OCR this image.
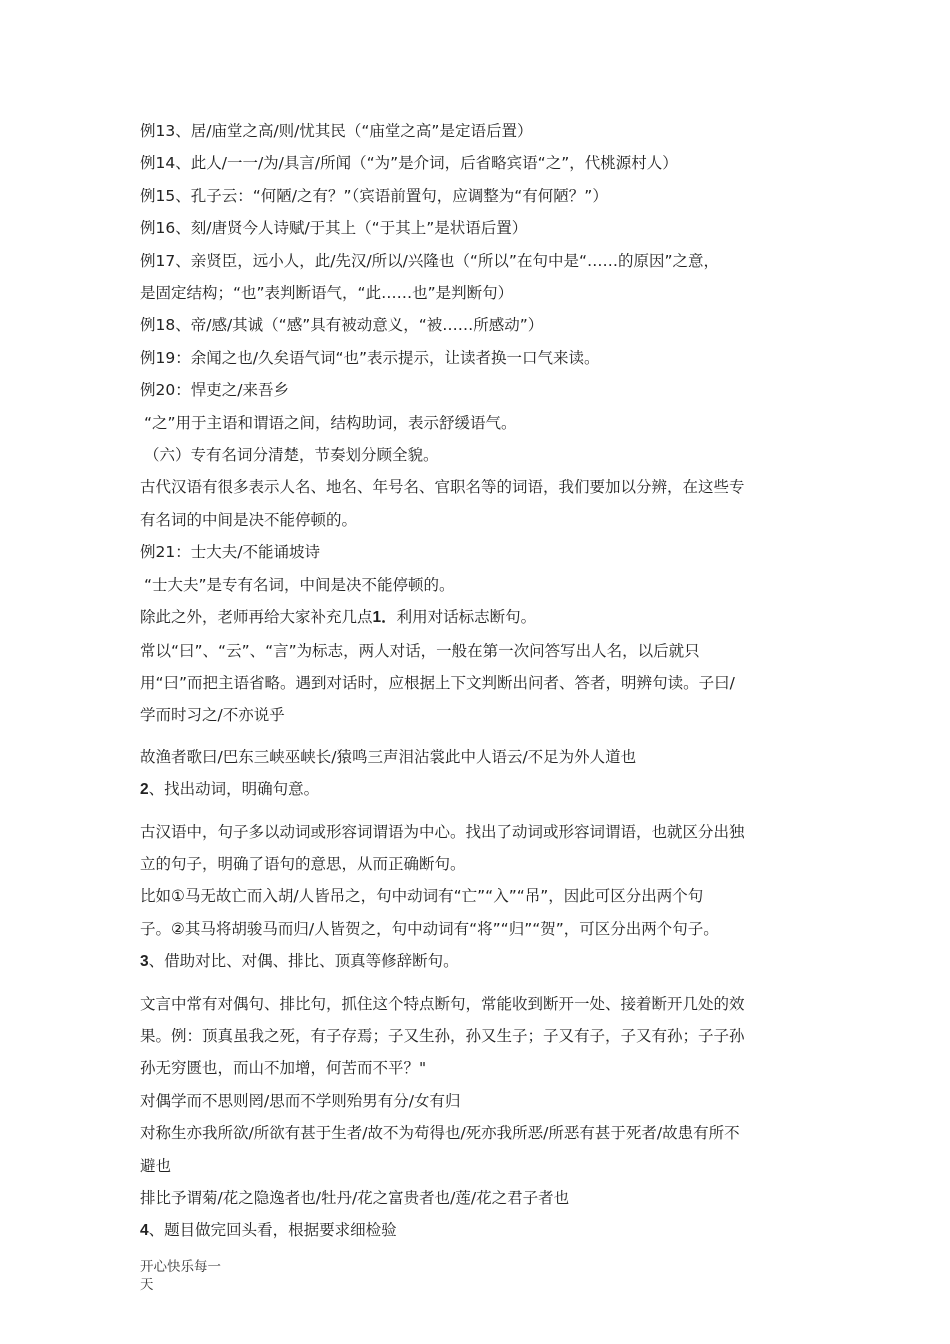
例13、居/庙堂之高/则/忧其民（“庙堂之高”是定语后置）

例14、此人/一一/为/具言/所闻（“为”是介词，后省略宾语“之”，代桃源村人）

例15、孔子云：“何陋/之有？”（宾语前置句，应调整为“有何陋？”）

例16、刻/唐贤今人诗赋/于其上（“于其上”是状语后置）

例17、亲贤臣，远小人，此/先汉/所以/兴隆也（“所以”在句中是“……的原因”之意，

是固定结构；“也”表判断语气，“此……也”是判断句）

例18、帝/感/其诚（“感”具有被动意义，“被……所感动”）

例19：余闻之也/久矣语气词“也”表示提示，让读者换一口气来读。

例20：悍吏之/来吾乡

“之”用于主语和谓语之间，结构助词，表示舒缓语气。

（六）专有名词分清楚，节奏划分顾全貌。

古代汉语有很多表示人名、地名、年号名、官职名等的词语，我们要加以分辨，在这些专

有名词的中间是决不能停顿的。

例21：士大夫/不能诵坡诗

“士大夫”是专有名词，中间是决不能停顿的。

除此之外，老师再给大家补充几点1．利用对话标志断句。

常以“曰”、“云”、“言”为标志，两人对话，一般在第一次问答写出人名，以后就只

用“曰”而把主语省略。遇到对话时，应根据上下文判断出问者、答者，明辨句读。子曰/

学而时习之/不亦说乎

故渔者歌曰/巴东三峡巫峡长/猿鸣三声泪沾裳此中人语云/不足为外人道也

2、找出动词，明确句意。

古汉语中，句子多以动词或形容词谓语为中心。找出了动词或形容词谓语，也就区分出独

立的句子，明确了语句的意思，从而正确断句。

比如①马无故亡而入胡/人皆吊之，句中动词有“亡”“入”“吊”，因此可区分出两个句

子。②其马将胡骏马而归/人皆贺之，句中动词有“将”“归”“贺”，可区分出两个句子。

3、借助对比、对偶、排比、顶真等修辞断句。

文言中常有对偶句、排比句，抓住这个特点断句，常能收到断开一处、接着断开几处的效

果。例：顶真虽我之死，有子存焉；子又生孙，孙又生子；子又有子，子又有孙；子子孙

孙无穷匮也，而山不加增，何苦而不平？"

对偶学而不思则罔/思而不学则殆男有分/女有归

对称生亦我所欲/所欲有甚于生者/故不为苟得也/死亦我所恶/所恶有甚于死者/故患有所不

避也

排比予谓菊/花之隐逸者也/牡丹/花之富贵者也/莲/花之君子者也

4、题目做完回头看，根据要求细检验

开心快乐每一
天
